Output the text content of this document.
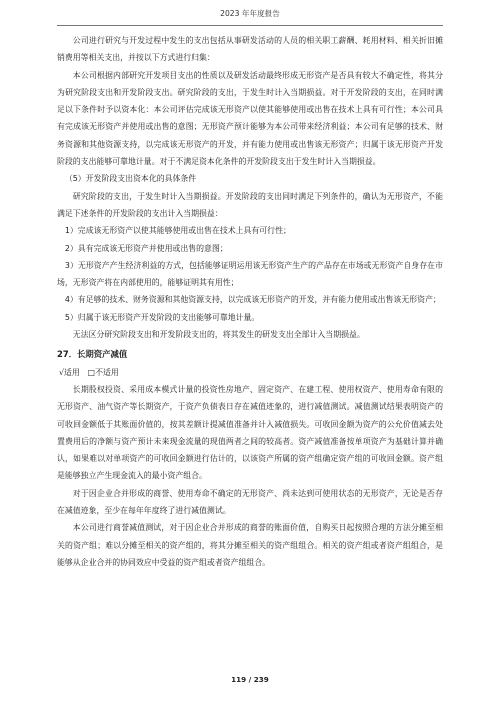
2023 年年度报告

公司进行研究与开发过程中发生的支出包括从事研发活动的人员的相关职工薪酬、耗用材料、相关折旧摊销费用等相关支出，并按以下方式进行归集：

本公司根据内部研究开发项目支出的性质以及研发活动最终形成无形资产是否具有较大不确定性，将其分为研究阶段支出和开发阶段支出。研究阶段的支出，于发生时计入当期损益。对于开发阶段的支出，在同时满足以下条件时予以资本化：本公司评估完成该无形资产以使其能够使用或出售在技术上具有可行性；本公司具有完成该无形资产并使用或出售的意图；无形资产预计能够为本公司带来经济利益；本公司有足够的技术、财务资源和其他资源支持，以完成该无形资产的开发，并有能力使用或出售该无形资产；归属于该无形资产开发阶段的支出能够可靠地计量。对于不满足资本化条件的开发阶段支出于发生时计入当期损益。

（5）开发阶段支出资本化的具体条件

研究阶段的支出，于发生时计入当期损益。开发阶段的支出同时满足下列条件的，确认为无形资产，不能满足下述条件的开发阶段的支出计入当期损益：

1）完成该无形资产以使其能够使用或出售在技术上具有可行性；

2）具有完成该无形资产并使用或出售的意图；

3）无形资产产生经济利益的方式，包括能够证明运用该无形资产生产的产品存在市场或无形资产自身存在市场，无形资产将在内部使用的，能够证明其有用性；

4）有足够的技术、财务资源和其他资源支持，以完成该无形资产的开发，并有能力使用或出售该无形资产；

5）归属于该无形资产开发阶段的支出能够可靠地计量。

无法区分研究阶段支出和开发阶段支出的，将其发生的研发支出全部计入当期损益。

27．长期资产减值

√适用　□不适用

长期股权投资、采用成本模式计量的投资性房地产、固定资产、在建工程、使用权资产、使用寿命有限的无形资产、油气资产等长期资产，于资产负债表日存在减值迹象的，进行减值测试。减值测试结果表明资产的可收回金额低于其账面价值的，按其差额计提减值准备并计入减值损失。可收回金额为资产的公允价值减去处置费用后的净额与资产预计未来现金流量的现值两者之间的较高者。资产减值准备按单项资产为基础计算并确认，如果难以对单项资产的可收回金额进行估计的，以该资产所属的资产组确定资产组的可收回金额。资产组是能够独立产生现金流入的最小资产组合。

对于因企业合并形成的商誉、使用寿命不确定的无形资产、尚未达到可使用状态的无形资产，无论是否存在减值迹象，至少在每年年度终了进行减值测试。

本公司进行商誉减值测试，对于因企业合并形成的商誉的账面价值，自购买日起按照合理的方法分摊至相关的资产组；难以分摊至相关的资产组的，将其分摊至相关的资产组组合。相关的资产组或者资产组组合，是能够从企业合并的协同效应中受益的资产组或者资产组组合。

119 / 239
